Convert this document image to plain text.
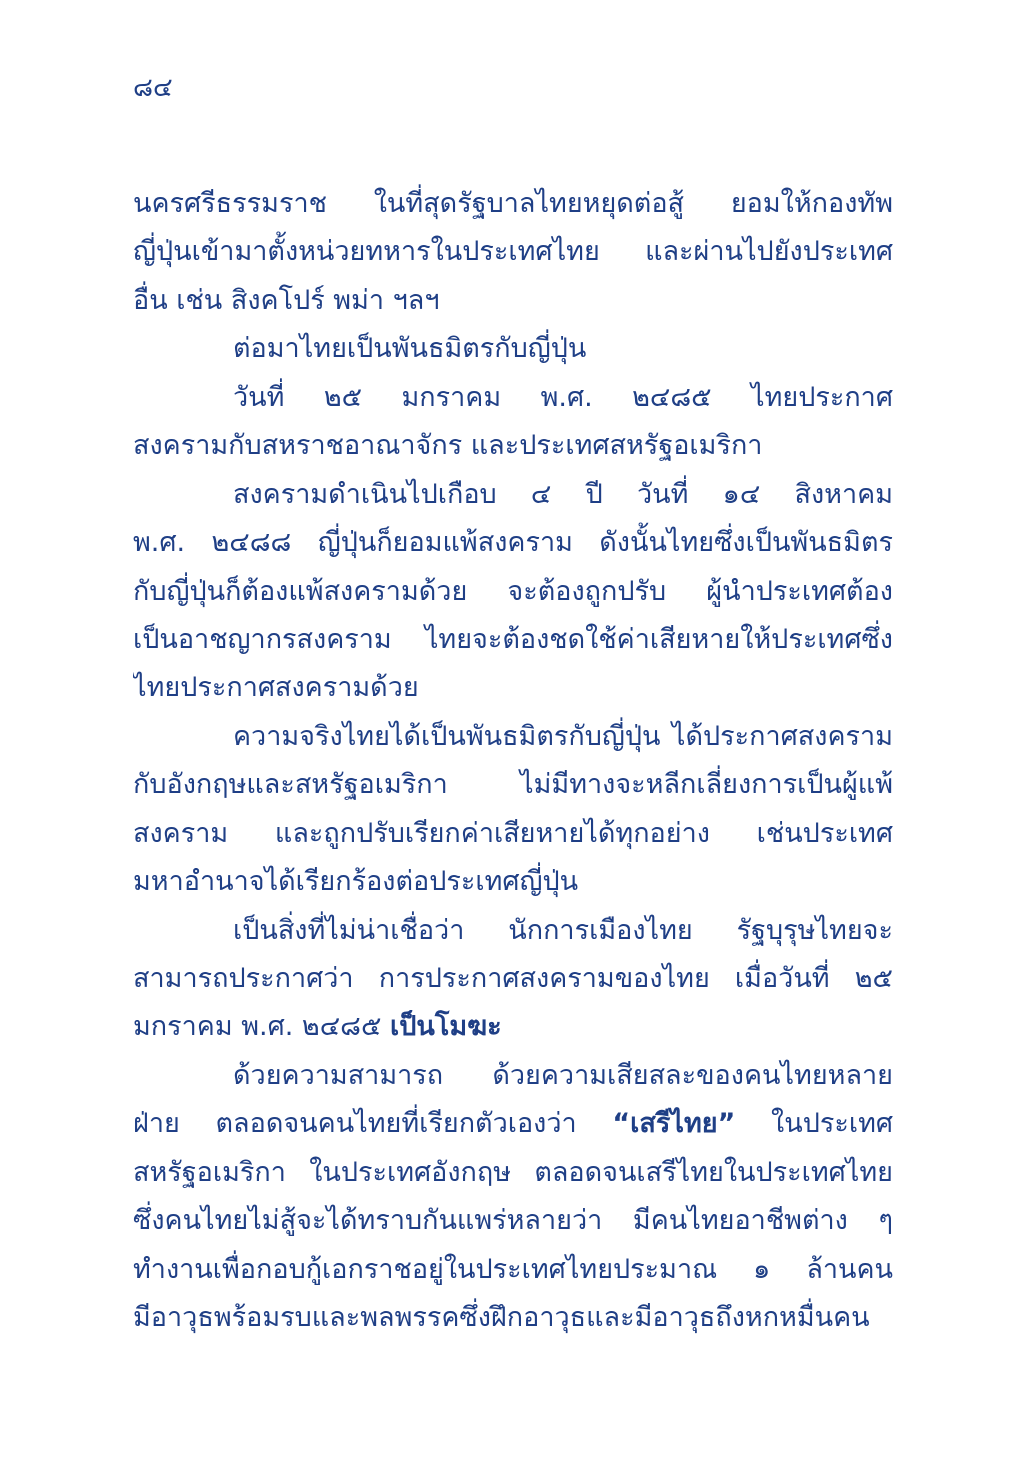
๘๔
นครศรีธรรมราช ในที่สุดรัฐบาลไทยหยุดต่อสู้ ยอมให้กองทัพ
ญี่ปุ่นเข้ามาตั้งหน่วยทหารในประเทศไทย และผ่านไปยังประเทศ
อื่น เช่น สิงคโปร์ พม่า ฯลฯ
ต่อมาไทยเป็นพันธมิตรกับญี่ปุ่น
วันที่ ๒๕ มกราคม พ.ศ. ๒๔๘๕ ไทยประกาศ
สงครามกับสหราชอาณาจักร และประเทศสหรัฐอเมริกา
สงครามดำเนินไปเกือบ ๔ ปี วันที่ ๑๔ สิงหาคม
พ.ศ. ๒๔๘๘ ญี่ปุ่นก็ยอมแพ้สงคราม ดังนั้นไทยซึ่งเป็นพันธมิตร
กับญี่ปุ่นก็ต้องแพ้สงครามด้วย จะต้องถูกปรับ ผู้นำประเทศต้อง
เป็นอาชญากรสงคราม ไทยจะต้องชดใช้ค่าเสียหายให้ประเทศซึ่ง
ไทยประกาศสงครามด้วย
ความจริงไทยได้เป็นพันธมิตรกับญี่ปุ่น ได้ประกาศสงคราม
กับอังกฤษและสหรัฐอเมริกา ไม่มีทางจะหลีกเลี่ยงการเป็นผู้แพ้
สงคราม และถูกปรับเรียกค่าเสียหายได้ทุกอย่าง เช่นประเทศ
มหาอำนาจได้เรียกร้องต่อประเทศญี่ปุ่น
เป็นสิ่งที่ไม่น่าเชื่อว่า นักการเมืองไทย รัฐบุรุษไทยจะ
สามารถประกาศว่า การประกาศสงครามของไทย เมื่อวันที่ ๒๕
มกราคม พ.ศ. ๒๔๘๕ เป็นโมฆะ
ด้วยความสามารถ ด้วยความเสียสละของคนไทยหลาย
ฝ่าย ตลอดจนคนไทยที่เรียกตัวเองว่า “เสรีไทย” ในประเทศ
สหรัฐอเมริกา ในประเทศอังกฤษ ตลอดจนเสรีไทยในประเทศไทย
ซึ่งคนไทยไม่สู้จะได้ทราบกันแพร่หลายว่า มีคนไทยอาชีพต่าง ๆ
ทำงานเพื่อกอบกู้เอกราชอยู่ในประเทศไทยประมาณ ๑ ล้านคน
มีอาวุธพร้อมรบและพลพรรคซึ่งฝึกอาวุธและมีอาวุธถึงหกหมื่นคน
